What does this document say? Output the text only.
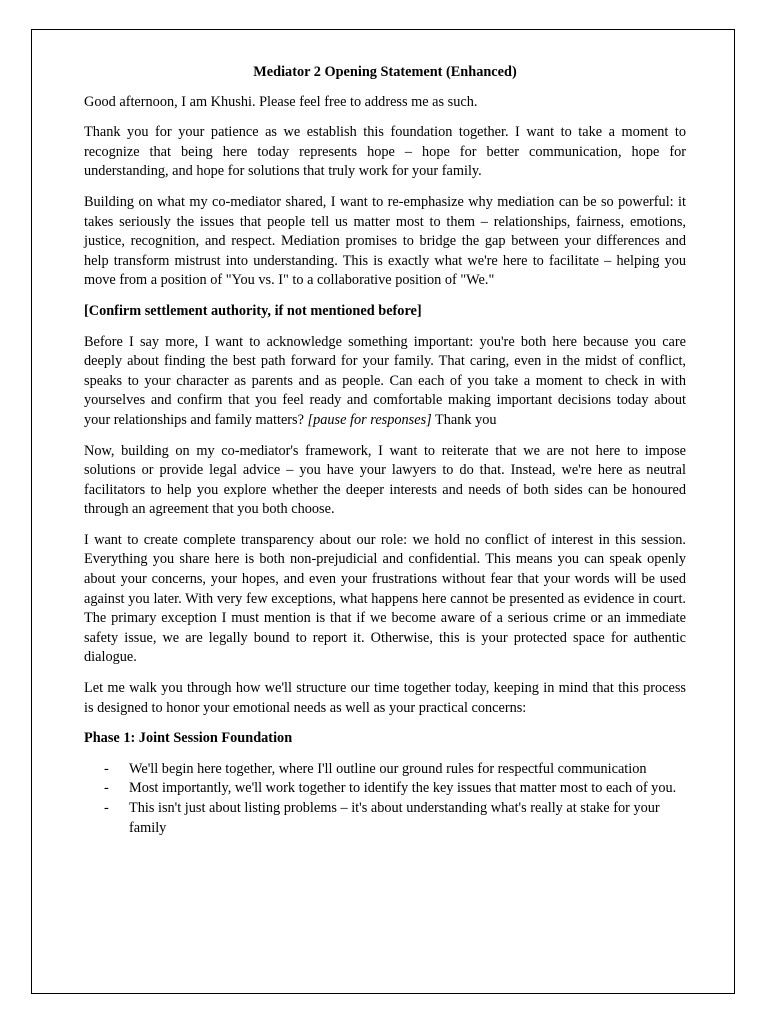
Mediator 2 Opening Statement (Enhanced)

Good afternoon, I am Khushi. Please feel free to address me as such.

Thank you for your patience as we establish this foundation together. I want to take a moment to recognize that being here today represents hope – hope for better communication, hope for understanding, and hope for solutions that truly work for your family.

Building on what my co-mediator shared, I want to re-emphasize why mediation can be so powerful: it takes seriously the issues that people tell us matter most to them – relationships, fairness, emotions, justice, recognition, and respect. Mediation promises to bridge the gap between your differences and help transform mistrust into understanding. This is exactly what we're here to facilitate – helping you move from a position of "You vs. I" to a collaborative position of "We."

[Confirm settlement authority, if not mentioned before]

Before I say more, I want to acknowledge something important: you're both here because you care deeply about finding the best path forward for your family. That caring, even in the midst of conflict, speaks to your character as parents and as people. Can each of you take a moment to check in with yourselves and confirm that you feel ready and comfortable making important decisions today about your relationships and family matters? [pause for responses] Thank you

Now, building on my co-mediator's framework, I want to reiterate that we are not here to impose solutions or provide legal advice – you have your lawyers to do that. Instead, we're here as neutral facilitators to help you explore whether the deeper interests and needs of both sides can be honoured through an agreement that you both choose.

I want to create complete transparency about our role: we hold no conflict of interest in this session. Everything you share here is both non-prejudicial and confidential. This means you can speak openly about your concerns, your hopes, and even your frustrations without fear that your words will be used against you later. With very few exceptions, what happens here cannot be presented as evidence in court. The primary exception I must mention is that if we become aware of a serious crime or an immediate safety issue, we are legally bound to report it. Otherwise, this is your protected space for authentic dialogue.

Let me walk you through how we'll structure our time together today, keeping in mind that this process is designed to honor your emotional needs as well as your practical concerns:

Phase 1: Joint Session Foundation

- We'll begin here together, where I'll outline our ground rules for respectful communication
- Most importantly, we'll work together to identify the key issues that matter most to each of you.
- This isn't just about listing problems – it's about understanding what's really at stake for your family
